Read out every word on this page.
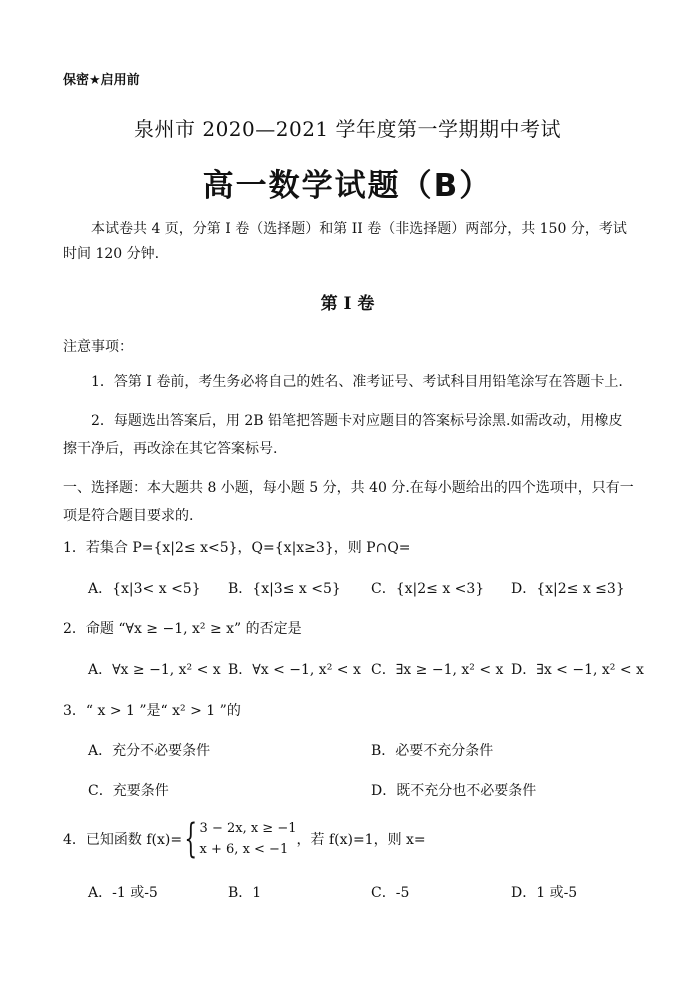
保密★启用前
泉州市 2020—2021 学年度第一学期期中考试
高一数学试题（B）
本试卷共 4 页，分第 I 卷（选择题）和第 II 卷（非选择题）两部分，共 150 分，考试时间 120 分钟.
第 I 卷
注意事项：
1．答第 I 卷前，考生务必将自己的姓名、准考证号、考试科目用铅笔涂写在答题卡上.
2．每题选出答案后，用 2B 铅笔把答题卡对应题目的答案标号涂黑.如需改动，用橡皮擦干净后，再改涂在其它答案标号.
一、选择题：本大题共 8 小题，每小题 5 分，共 40 分.在每小题给出的四个选项中，只有一项是符合题目要求的.
1．若集合 P={x|2≤ x<5}，Q={x|x≥3}，则 P∩Q=
A．{x|3< x <5} B．{x|3≤ x <5} C．{x|2≤ x <3} D．{x|2≤ x ≤3}
2．命题 “∀x ≥ −1, x² ≥ x” 的否定是
A．∀x ≥ −1, x² < x B．∀x < −1, x² < x C．∃x ≥ −1, x² < x D．∃x < −1, x² < x
3．“ x > 1 ”是“ x² > 1 ”的
A．充分不必要条件	B．必要不充分条件
C．充要条件	D．既不充分也不必要条件
4．已知函数 f(x)= { 3 − 2x, x ≥ −1
x + 6, x < −1
，若 f(x)=1，则 x=
A．-1 或-5	B．1	C．-5	D．1 或-5
